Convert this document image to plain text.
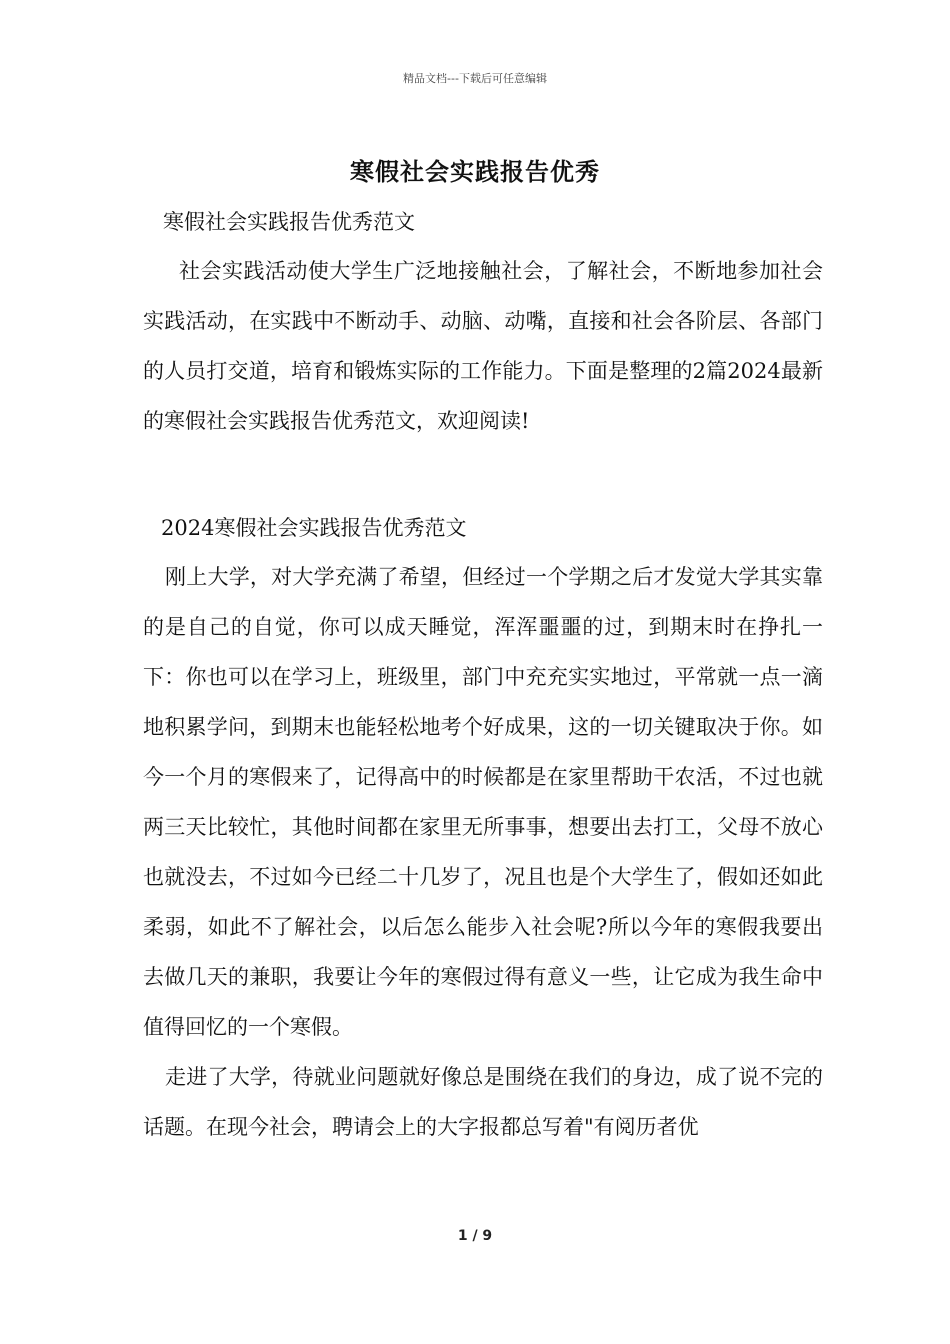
精品文档---下载后可任意编辑
寒假社会实践报告优秀

寒假社会实践报告优秀范文

社会实践活动使大学生广泛地接触社会，了解社会，不断地参加社会实践活动，在实践中不断动手、动脑、动嘴，直接和社会各阶层、各部门的人员打交道，培育和锻炼实际的工作能力。下面是整理的2篇2024最新的寒假社会实践报告优秀范文，欢迎阅读!

2024寒假社会实践报告优秀范文

刚上大学，对大学充满了希望，但经过一个学期之后才发觉大学其实靠的是自己的自觉，你可以成天睡觉，浑浑噩噩的过，到期末时在挣扎一下：你也可以在学习上，班级里，部门中充充实实地过，平常就一点一滴地积累学问，到期末也能轻松地考个好成果，这的一切关键取决于你。如今一个月的寒假来了，记得高中的时候都是在家里帮助干农活，不过也就两三天比较忙，其他时间都在家里无所事事，想要出去打工，父母不放心也就没去，不过如今已经二十几岁了，况且也是个大学生了，假如还如此柔弱，如此不了解社会，以后怎么能步入社会呢?所以今年的寒假我要出去做几天的兼职，我要让今年的寒假过得有意义一些，让它成为我生命中值得回忆的一个寒假。

走进了大学，待就业问题就好像总是围绕在我们的身边，成了说不完的话题。在现今社会，聘请会上的大字报都总写着"有阅历者优

1 / 9
